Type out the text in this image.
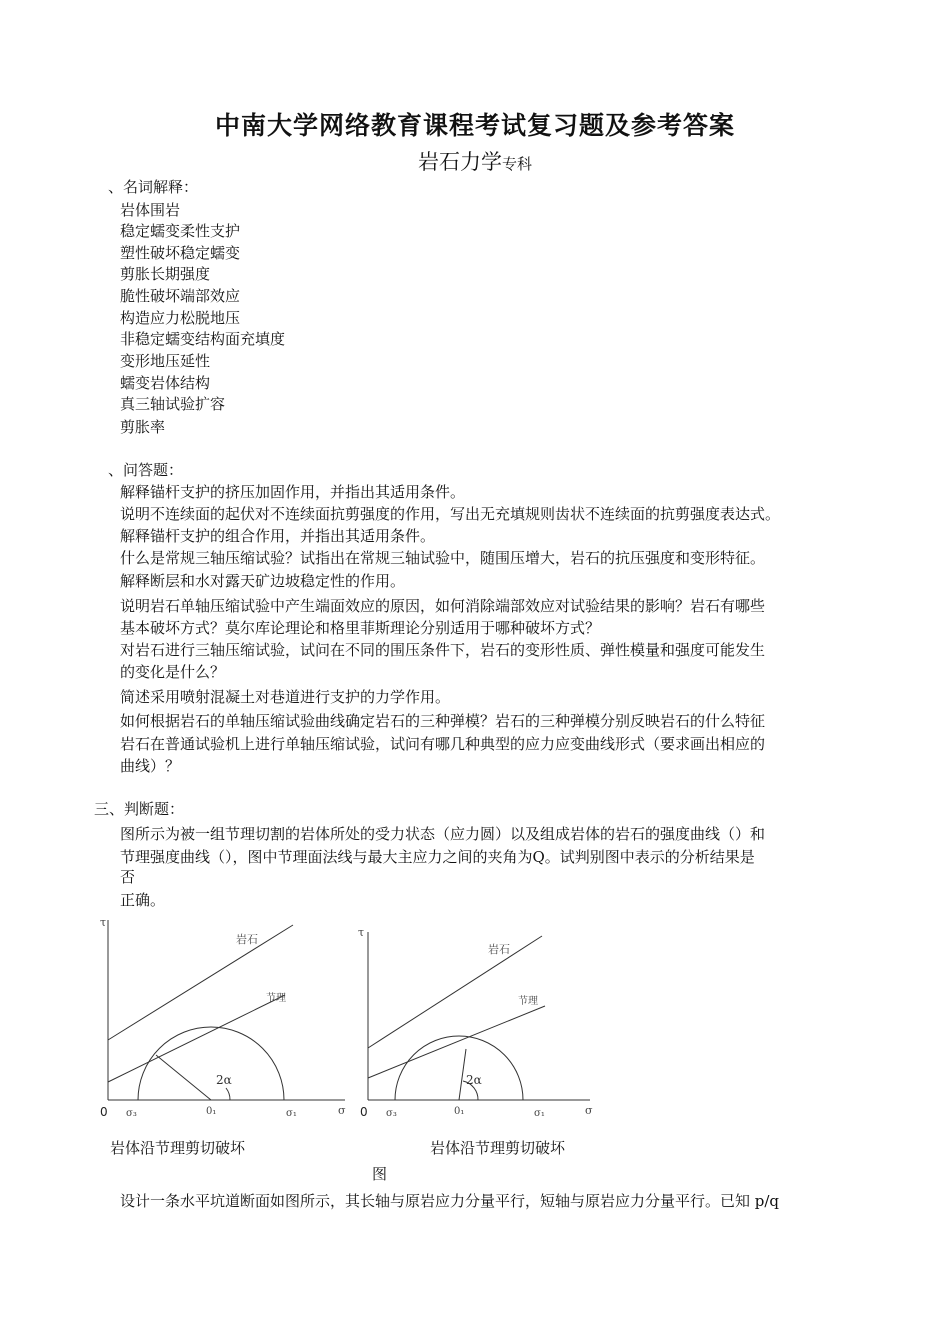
中南大学网络教育课程考试复习题及参考答案
岩石力学专科
、名词解释：
岩体围岩
稳定蠕变柔性支护
塑性破坏稳定蠕变
剪胀长期强度
脆性破坏端部效应
构造应力松脱地压
非稳定蠕变结构面充填度
变形地压延性
蠕变岩体结构
真三轴试验扩容
剪胀率
、问答题：
解释锚杆支护的挤压加固作用，并指出其适用条件。
说明不连续面的起伏对不连续面抗剪强度的作用，写出无充填规则齿状不连续面的抗剪强度表达式。
解释锚杆支护的组合作用，并指出其适用条件。
什么是常规三轴压缩试验？试指出在常规三轴试验中，随围压增大，岩石的抗压强度和变形特征。
解释断层和水对露天矿边坡稳定性的作用。
说明岩石单轴压缩试验中产生端面效应的原因，如何消除端部效应对试验结果的影响？岩石有哪些
基本破坏方式？莫尔库论理论和格里菲斯理论分别适用于哪种破坏方式？
对岩石进行三轴压缩试验，试问在不同的围压条件下，岩石的变形性质、弹性模量和强度可能发生
的变化是什么？
简述采用喷射混凝土对巷道进行支护的力学作用。
如何根据岩石的单轴压缩试验曲线确定岩石的三种弹模？岩石的三种弹模分别反映岩石的什么特征
岩石在普通试验机上进行单轴压缩试验，试问有哪几种典型的应力应变曲线形式（要求画出相应的
曲线）？
三、判断题：
图所示为被一组节理切割的岩体所处的受力状态（应力圆）以及组成岩体的岩石的强度曲线（）和
节理强度曲线（），图中节理面法线与最大主应力之间的夹角为Q。试判别图中表示的分析结果是
否
正确。
τ
σ
0 σ₃	0₁	σ₁
2α
岩石
节理
τ
σ
0 σ₃	0₁	σ₁
2α
岩石
节理
岩体沿节理剪切破坏	岩体沿节理剪切破坏
图
设计一条水平坑道断面如图所示，其长轴与原岩应力分量平行，短轴与原岩应力分量平行。已知 p/q
